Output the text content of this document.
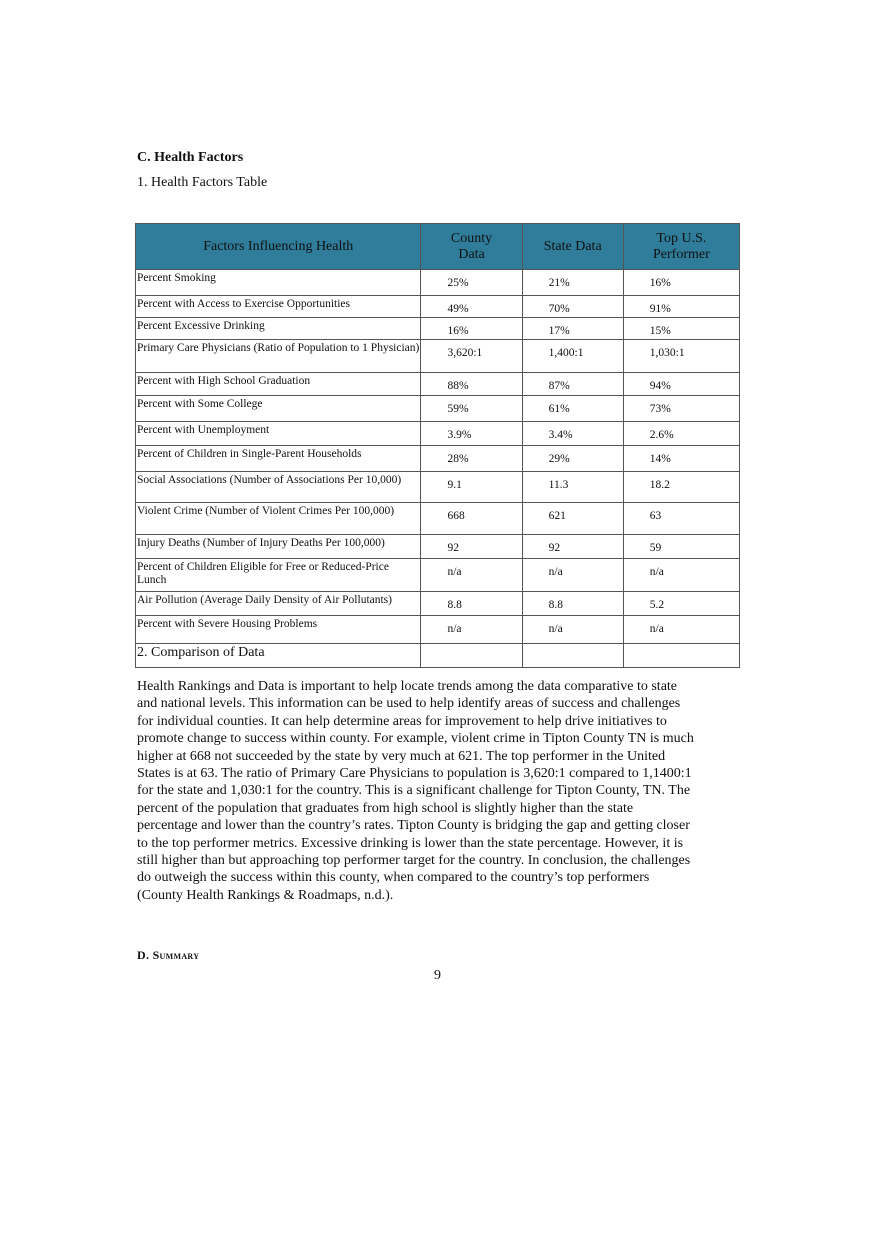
C. Health Factors
1. Health Factors Table
Factors Influencing Health	County Data	State Data	Top U.S. Performer
Percent Smoking	25%	21%	16%
Percent with Access to Exercise Opportunities	49%	70%	91%
Percent Excessive Drinking	16%	17%	15%
Primary Care Physicians (Ratio of Population to 1 Physician)	3,620:1	1,400:1	1,030:1
Percent with High School Graduation	88%	87%	94%
Percent with Some College	59%	61%	73%
Percent with Unemployment	3.9%	3.4%	2.6%
Percent of Children in Single-Parent Households	28%	29%	14%
Social Associations (Number of Associations Per 10,000)	9.1	11.3	18.2
Violent Crime (Number of Violent Crimes Per 100,000)	668	621	63
Injury Deaths (Number of Injury Deaths Per 100,000)	92	92	59
Percent of Children Eligible for Free or Reduced-Price Lunch	n/a	n/a	n/a
Air Pollution (Average Daily Density of Air Pollutants)	8.8	8.8	5.2
Percent with Severe Housing Problems	n/a	n/a	n/a

2. Comparison of Data
Health Rankings and Data is important to help locate trends among the data comparative to state and national levels. This information can be used to help identify areas of success and challenges for individual counties. It can help determine areas for improvement to help drive initiatives to promote change to success within county. For example, violent crime in Tipton County TN is much higher at 668 not succeeded by the state by very much at 621. The top performer in the United States is at 63. The ratio of Primary Care Physicians to population is 3,620:1 compared to 1,1400:1 for the state and 1,030:1 for the country. This is a significant challenge for Tipton County, TN. The percent of the population that graduates from high school is slightly higher than the state percentage and lower than the country’s rates. Tipton County is bridging the gap and getting closer to the top performer metrics. Excessive drinking is lower than the state percentage. However, it is still higher than but approaching top performer target for the country. In conclusion, the challenges do outweigh the success within this county, when compared to the country’s top performers (County Health Rankings & Roadmaps, n.d.).
D. Summary
9
